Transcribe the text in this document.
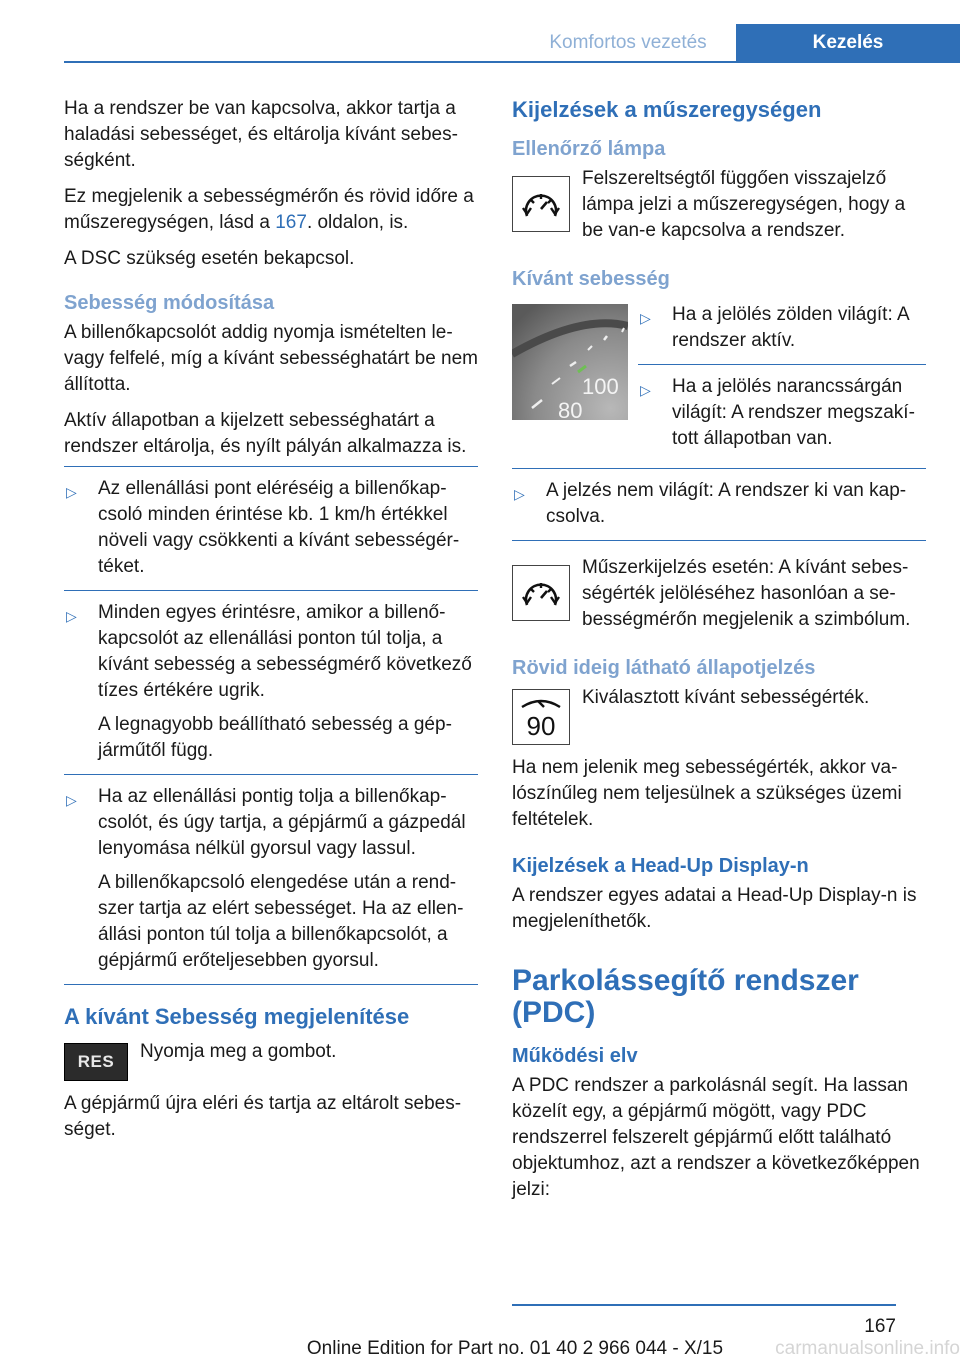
Komfortos vezetés	Kezelés

Ha a rendszer be van kapcsolva, akkor tartja a haladási sebességet, és eltárolja kívánt sebességként.

Ez megjelenik a sebességmérőn és rövid időre a műszeregységen, lásd a 167. oldalon, is.

A DSC szükség esetén bekapcsol.

Sebesség módosítása

A billenőkapcsolót addig nyomja ismételten le- vagy felfelé, míg a kívánt sebességhatárt be nem állította.

Aktív állapotban a kijelzett sebességhatárt a rendszer eltárolja, és nyílt pályán alkalmazza is.

▷ Az ellenállási pont eléréséig a billenőkapcsoló minden érintése kb. 1 km/h értékkel növeli vagy csökkenti a kívánt sebességértéket.

▷ Minden egyes érintésre, amikor a billenőkapcsolót az ellenállási ponton túl tolja, a kívánt sebesség a sebességmérő következő tízes értékére ugrik.

A legnagyobb beállítható sebesség a gépjárműtől függ.

▷ Ha az ellenállási pontig tolja a billenőkapcsolót, és úgy tartja, a gépjármű a gázpedál lenyomása nélkül gyorsul vagy lassul.

A billenőkapcsoló elengedése után a rendszer tartja az elért sebességet. Ha az ellenállási ponton túl tolja a billenőkapcsolót, a gépjármű erőteljesebben gyorsul.

A kívánt Sebesség megjelenítése
RES	Nyomja meg a gombot.

A gépjármű újra eléri és tartja az eltárolt sebességet.

Kijelzések a műszeregységen
Ellenőrző lámpa
Felszereltségtől függően visszajelző lámpa jelzi a műszeregységen, hogy a be van-e kapcsolva a rendszer.
Kívánt sebesség
100
80
▷ Ha a jelölés zölden világít: A rendszer aktív.

▷ Ha a jelölés narancssárgán világít: A rendszer megszakított állapotban van.

▷ A jelzés nem világít: A rendszer ki van kapcsolva.

Műszerkijelzés esetén: A kívánt sebességérték jelöléséhez hasonlóan a sebességmérőn megjelenik a szimbólum.
Rövid ideig látható állapotjelzés
90
Kiválasztott kívánt sebességérték.

Ha nem jelenik meg sebességérték, akkor valószínűleg nem teljesülnek a szükséges üzemi feltételek.

Kijelzések a Head-Up Display-n

A rendszer egyes adatai a Head-Up Display-n is megjeleníthetők.

Parkolássegítő rendszer (PDC)
Működési elv

A PDC rendszer a parkolásnál segít. Ha lassan közelít egy, a gépjármű mögött, vagy PDC rendszerrel felszerelt gépjármű előtt található objektumhoz, azt a rendszer a következőképpen jelzi:

167
Online Edition for Part no. 01 40 2 966 044 - X/15	carmanualsonline.info
